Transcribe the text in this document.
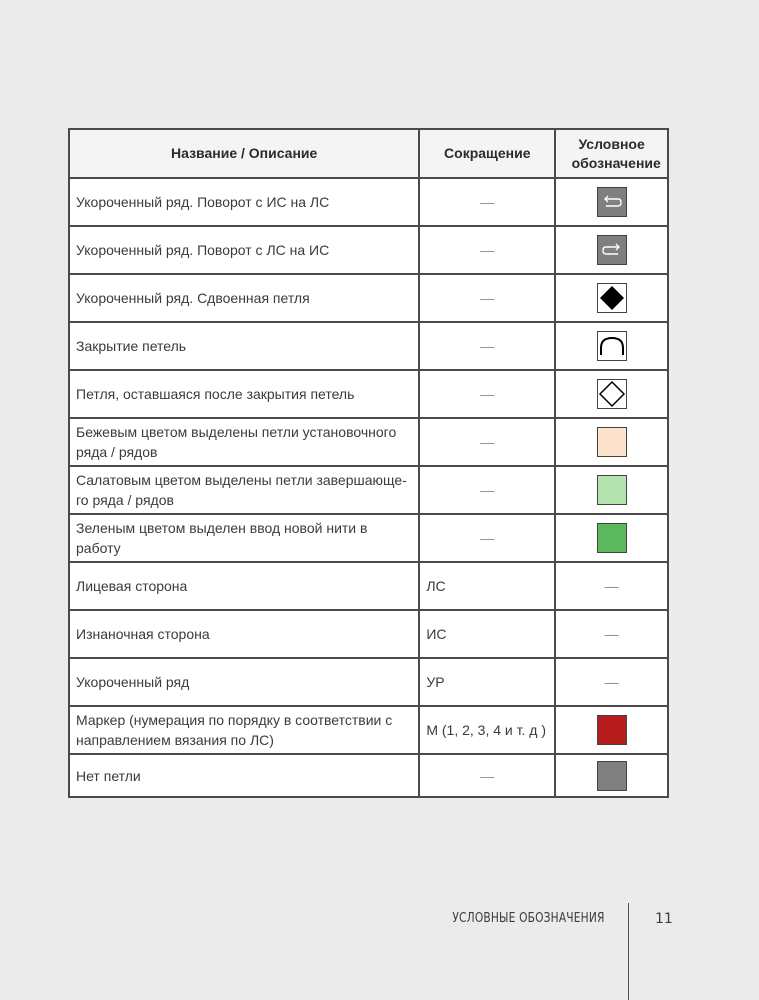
Название / Описание	Сокращение	Условное обозначение
Укороченный ряд. Поворот с ИС на ЛС	—	

Укороченный ряд. Поворот с ЛС на ИС	—	

Укороченный ряд. Сдвоенная петля	—	

Закрытие петель	—	

Петля, оставшаяся после закрытия петель	—	

Бежевым цветом выделены петли установочного ряда / рядов	—	
Салатовым цветом выделены петли завершающе-го ряда / рядов	—	
Зеленым цветом выделен ввод новой нити в работу	—	
Лицевая сторона	ЛС	—
Изнаночная сторона	ИС	—
Укороченный ряд	УР	—
Маркер (нумерация по порядку в соответствии с направлением вязания по ЛС)	М (1, 2, 3, 4 и т. д )	
Нет петли	—	
УСЛОВНЫЕ ОБОЗНАЧЕНИЯ	11
